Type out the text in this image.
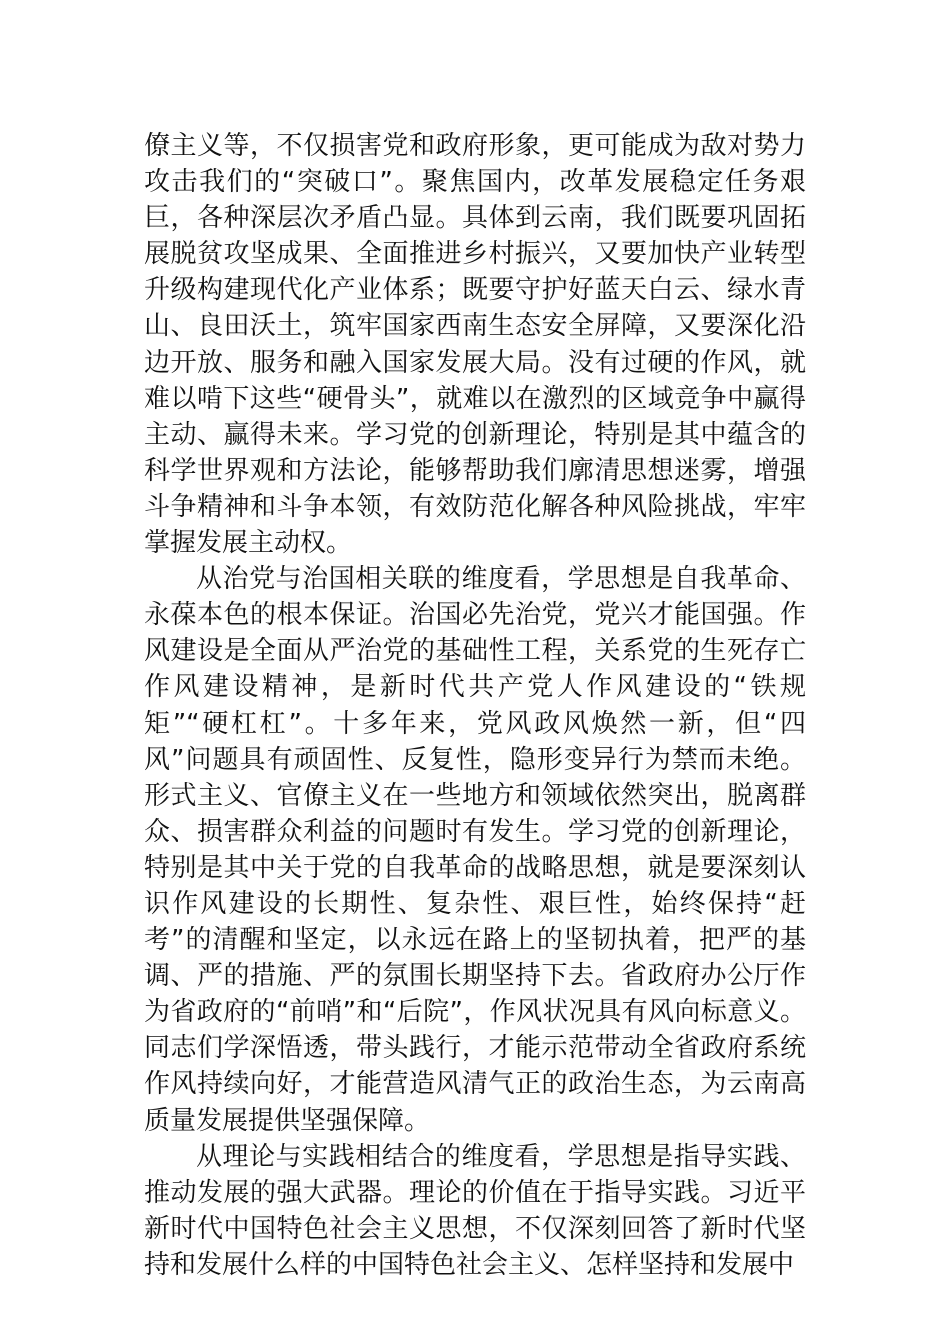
僚主义等，不仅损害党和政府形象，更可能成为敌对势力攻击我们的“突破口”。聚焦国内，改革发展稳定任务艰巨，各种深层次矛盾凸显。具体到云南，我们既要巩固拓展脱贫攻坚成果、全面推进乡村振兴，又要加快产业转型升级构建现代化产业体系；既要守护好蓝天白云、绿水青山、良田沃土，筑牢国家西南生态安全屏障，又要深化沿边开放、服务和融入国家发展大局。没有过硬的作风，就难以啃下这些“硬骨头”，就难以在激烈的区域竞争中赢得主动、赢得未来。学习党的创新理论，特别是其中蕴含的科学世界观和方法论，能够帮助我们廓清思想迷雾，增强斗争精神和斗争本领，有效防范化解各种风险挑战，牢牢掌握发展主动权。

从治党与治国相关联的维度看，学思想是自我革命、永葆本色的根本保证。治国必先治党，党兴才能国强。作风建设是全面从严治党的基础性工程，关系党的生死存亡作风建设精神，是新时代共产党人作风建设的“铁规矩”“硬杠杠”。十多年来，党风政风焕然一新，但“四风”问题具有顽固性、反复性，隐形变异行为禁而未绝。形式主义、官僚主义在一些地方和领域依然突出，脱离群众、损害群众利益的问题时有发生。学习党的创新理论，特别是其中关于党的自我革命的战略思想，就是要深刻认识作风建设的长期性、复杂性、艰巨性，始终保持“赶考”的清醒和坚定，以永远在路上的坚韧执着，把严的基调、严的措施、严的氛围长期坚持下去。省政府办公厅作为省政府的“前哨”和“后院”，作风状况具有风向标意义。同志们学深悟透，带头践行，才能示范带动全省政府系统作风持续向好，才能营造风清气正的政治生态，为云南高质量发展提供坚强保障。

从理论与实践相结合的维度看，学思想是指导实践、推动发展的强大武器。理论的价值在于指导实践。习近平新时代中国特色社会主义思想，不仅深刻回答了新时代坚持和发展什么样的中国特色社会主义、怎样坚持和发展中
